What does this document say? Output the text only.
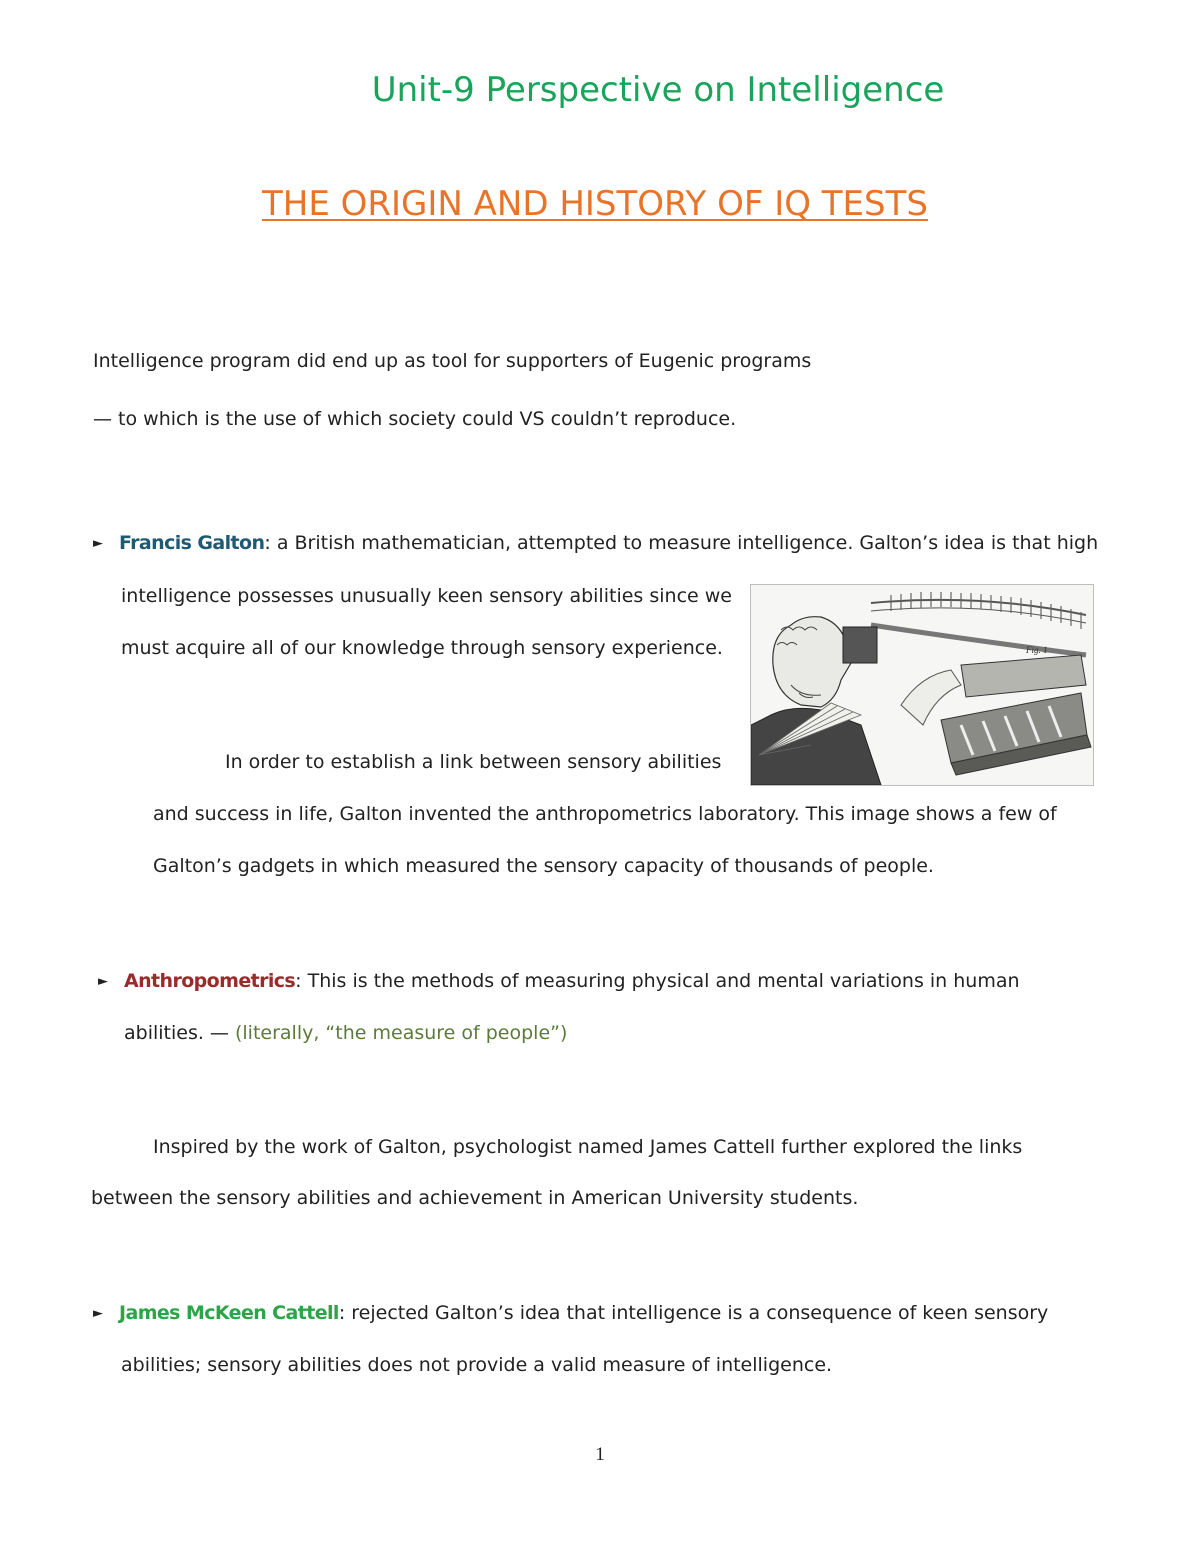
Unit-9 Perspective on Intelligence
THE ORIGIN AND HISTORY OF IQ TESTS
Intelligence program did end up as tool for supporters of Eugenic programs
— to which is the use of which society could VS couldn’t reproduce.
► Francis Galton: a British mathematician, attempted to measure intelligence. Galton’s idea is that high
intelligence possesses unusually keen sensory abilities since we
must acquire all of our knowledge through sensory experience.
In order to establish a link between sensory abilities
and success in life, Galton invented the anthropometrics laboratory. This image shows a few of
Galton’s gadgets in which measured the sensory capacity of thousands of people.
Fig. 1
► Anthropometrics: This is the methods of measuring physical and mental variations in human
abilities. — (literally, “the measure of people”)
Inspired by the work of Galton, psychologist named James Cattell further explored the links
between the sensory abilities and achievement in American University students.
► James McKeen Cattell: rejected Galton’s idea that intelligence is a consequence of keen sensory
abilities; sensory abilities does not provide a valid measure of intelligence.
1
